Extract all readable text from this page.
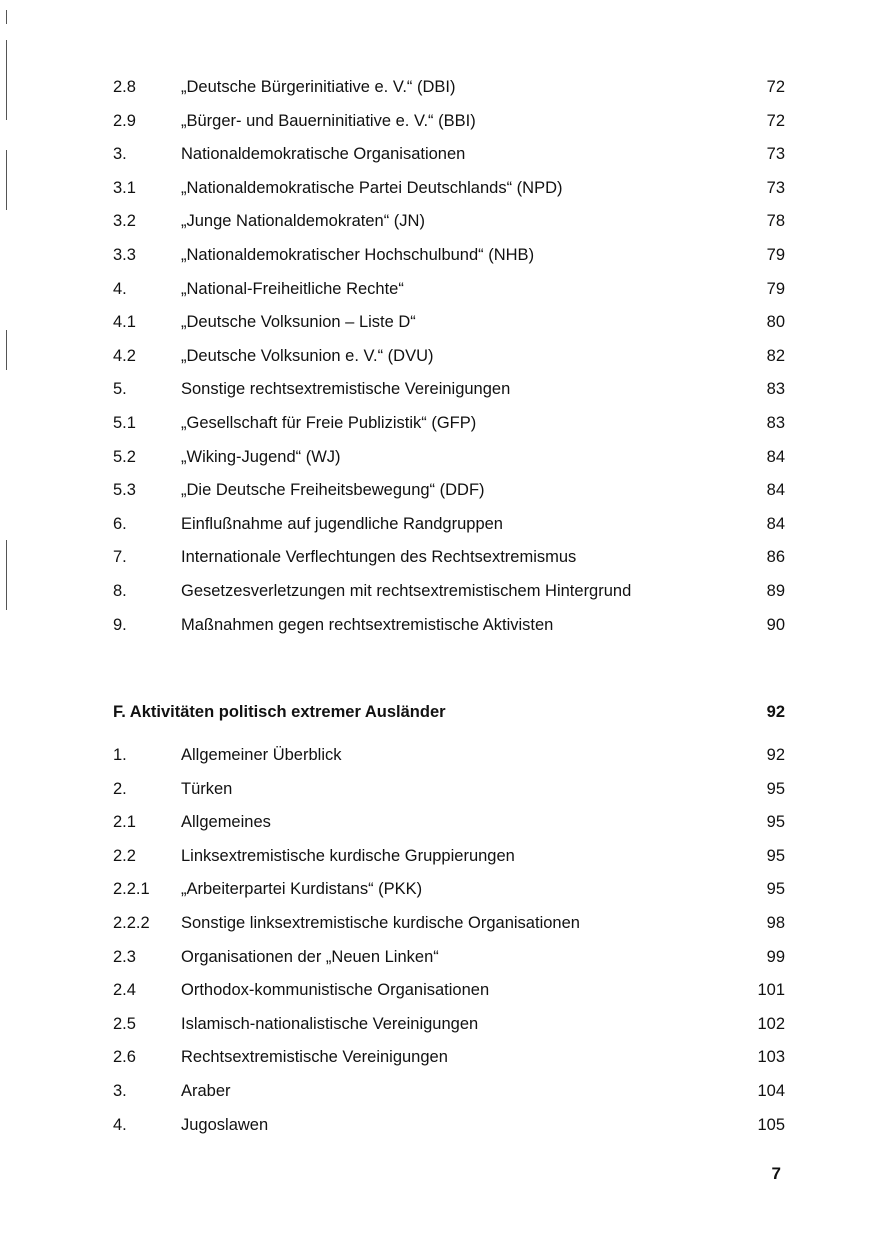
2.8	„Deutsche Bürgerinitiative e. V.“ (DBI)	72
2.9	„Bürger- und Bauerninitiative e. V.“ (BBI)	72
3.	Nationaldemokratische Organisationen	73
3.1	„Nationaldemokratische Partei Deutschlands“ (NPD)	73
3.2	„Junge Nationaldemokraten“ (JN)	78
3.3	„Nationaldemokratischer Hochschulbund“ (NHB)	79
4.	„National-Freiheitliche Rechte“	79
4.1	„Deutsche Volksunion – Liste D“	80
4.2	„Deutsche Volksunion e. V.“ (DVU)	82
5.	Sonstige rechtsextremistische Vereinigungen	83
5.1	„Gesellschaft für Freie Publizistik“ (GFP)	83
5.2	„Wiking-Jugend“ (WJ)	84
5.3	„Die Deutsche Freiheitsbewegung“ (DDF)	84
6.	Einflußnahme auf jugendliche Randgruppen	84
7.	Internationale Verflechtungen des Rechtsextremismus	86
8.	Gesetzesverletzungen mit rechtsextremistischem Hintergrund	89
9.	Maßnahmen gegen rechtsextremistische Aktivisten	90
F. Aktivitäten politisch extremer Ausländer	92
1.	Allgemeiner Überblick	92
2.	Türken	95
2.1	Allgemeines	95
2.2	Linksextremistische kurdische Gruppierungen	95
2.2.1 „Arbeiterpartei Kurdistans“ (PKK)	95
2.2.2 Sonstige linksextremistische kurdische Organisationen	98
2.3	Organisationen der „Neuen Linken“	99
2.4	Orthodox-kommunistische Organisationen	101
2.5	Islamisch-nationalistische Vereinigungen	102
2.6	Rechtsextremistische Vereinigungen	103
3.	Araber	104
4.	Jugoslawen	105
7
